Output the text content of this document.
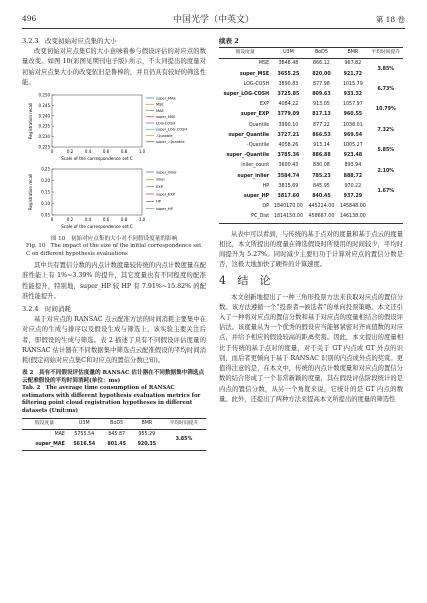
496	中国光学（中英文）	第 18 卷
3.2.3　改变初始对应点集的大小
改变初始对应点集C的大小意味着参与假设评估的对应点的数量改变。如图 10(彩图见期刊电子版) 所示，不太同提出的度量对初始对应点集大小的改变依旧是鲁棒的，并且仍具有较好的筛选性能。
0.250
0.245
0.240
0.235
0.230
0.225
0	0.2	0.4	0.6	0.8	1.0
Scale of the correspondence set C
Registration recall
super_MAE
MSE
MAE
super_MSE
LOG-COSH
super_LOG-COSH
-Quantile
super_-Quantile
0.25
0.20
0.15
0.10
0.05
0	0.2	0.4	0.6	0.8	1.0
Scale of the correspondence set C
Registration recall
super_inlier
inlier
EXP
super_EXP
HP
super_HP
图 10　初始对应点集的大小对不同假设度量的影响
Fig. 10　The impact of the size of the initial correspondence set C on different hypothesis evaluations
其中共有置信分数的内点计数度量较传统的内点计数度量在配准性能上有 1%~3.39% 的提升，其它度量也有不同程度的配准性能提升，特别地，super_HP 较 HP 有 7.91%~15.82% 的配准性能提升。
3.2.4　时间消耗
基于对应点的 RANSAC 点云配准方法的时间消耗主要集中在对应点的生成与排序以及假设生成与筛选上，该实验主要关注后者，即假设的生成与筛选。表 2 描述了具有不同假设评估度量的 RANSAC 估计器在不同数据集中筛选点云配准假设的平均时间消耗(假定初始对应点集C和对应点的置信分数已知)。
表 2　具有不同假设评估度量的 RANSAC 估计器在不同数据集中筛选点云配准假设的平均时间消耗(单位：ms)
Tab. 2　The average time consumption of RANSAC estimators with different hypothesis evaluation metrics for filtering point cloud registration hypotheses in different datasets (Unit:ms)
假设度量	U3M	BoD5	BMR	平均时间提升
MAE	5755.54	845.87	955.29	3.85%
super_MAE	5616.54	801.45	920.35	
续表 2
假设度量	U3M	BoD5	BMR	平均时间提升
MSE	3848.48	866.12	967.82	3.85%
super_MSE	3655.25	820.00	921.72	
LOG-COSH	3890.83	877.98	1015.79	6.73%
super_LOG-COSH	3725.85	809.63	933.32	
EXP	4084.22	913.05	1057.97	10.79%
super_EXP	3779.09	817.13	960.55	
Quantile	3990.10	877.22	1038.01	7.32%
super_Quantile	3727.21	866.53	969.54	
-Quantile	4058.26	913.14	1005.27	5.85%
super_-Quantile	3785.36	886.88	923.48	
inlier_count	3600.43	830.08	893.94	2.10%
super_inlier	3584.74	785.23	888.72	
HP	3815.69	845.95	970.22	1.67%
super_HP	3817.60	840.45	937.29	
OP	1840170.00	445224.00	145848.00	
PC_Dist	1814150.00	458667.00	146138.00	
从表中可以看到，与传统的基于点对的度量和基于点云的度量相比，本文所提出的度量在筛选假设时所使用的时间较少，平均时间提升为 5.27%。同时减少主要归功于计算对应点的置信分数是否，这极大地加快了硬件的计算速度。
4 结　论
本文创新地提出了一种三角形投票方法来获取对应点的置信分数。该方法遵循一个“投票者→候选者”的单向投票策略。本文还引入了一种将对应点的置信分数和基于对应点的度量相结合的假设评估法。该度量从为一个优秀的假设应当能够紧密对齐真值数的对应点，并给予相应的假设较高的距离奖赏。因此，本文提出的度量相比于传统的基于点对的度量，对于关于 GT 内点或 GT 外点的识别，而后者更倾向于基于 RANSAC 识别的内点或外点的奖赏。更值得注意的是，在本文中，传统的内点计数度量和对应点的置信分数的结合形成了一个非常新颖的度量，其在假设评估阶段统计的是内点的置信分数，从另一个角度来说，它统计的是 GT 内点的数量。此外，还提出了两种方法来提高本文所提出的度量的筛选性
